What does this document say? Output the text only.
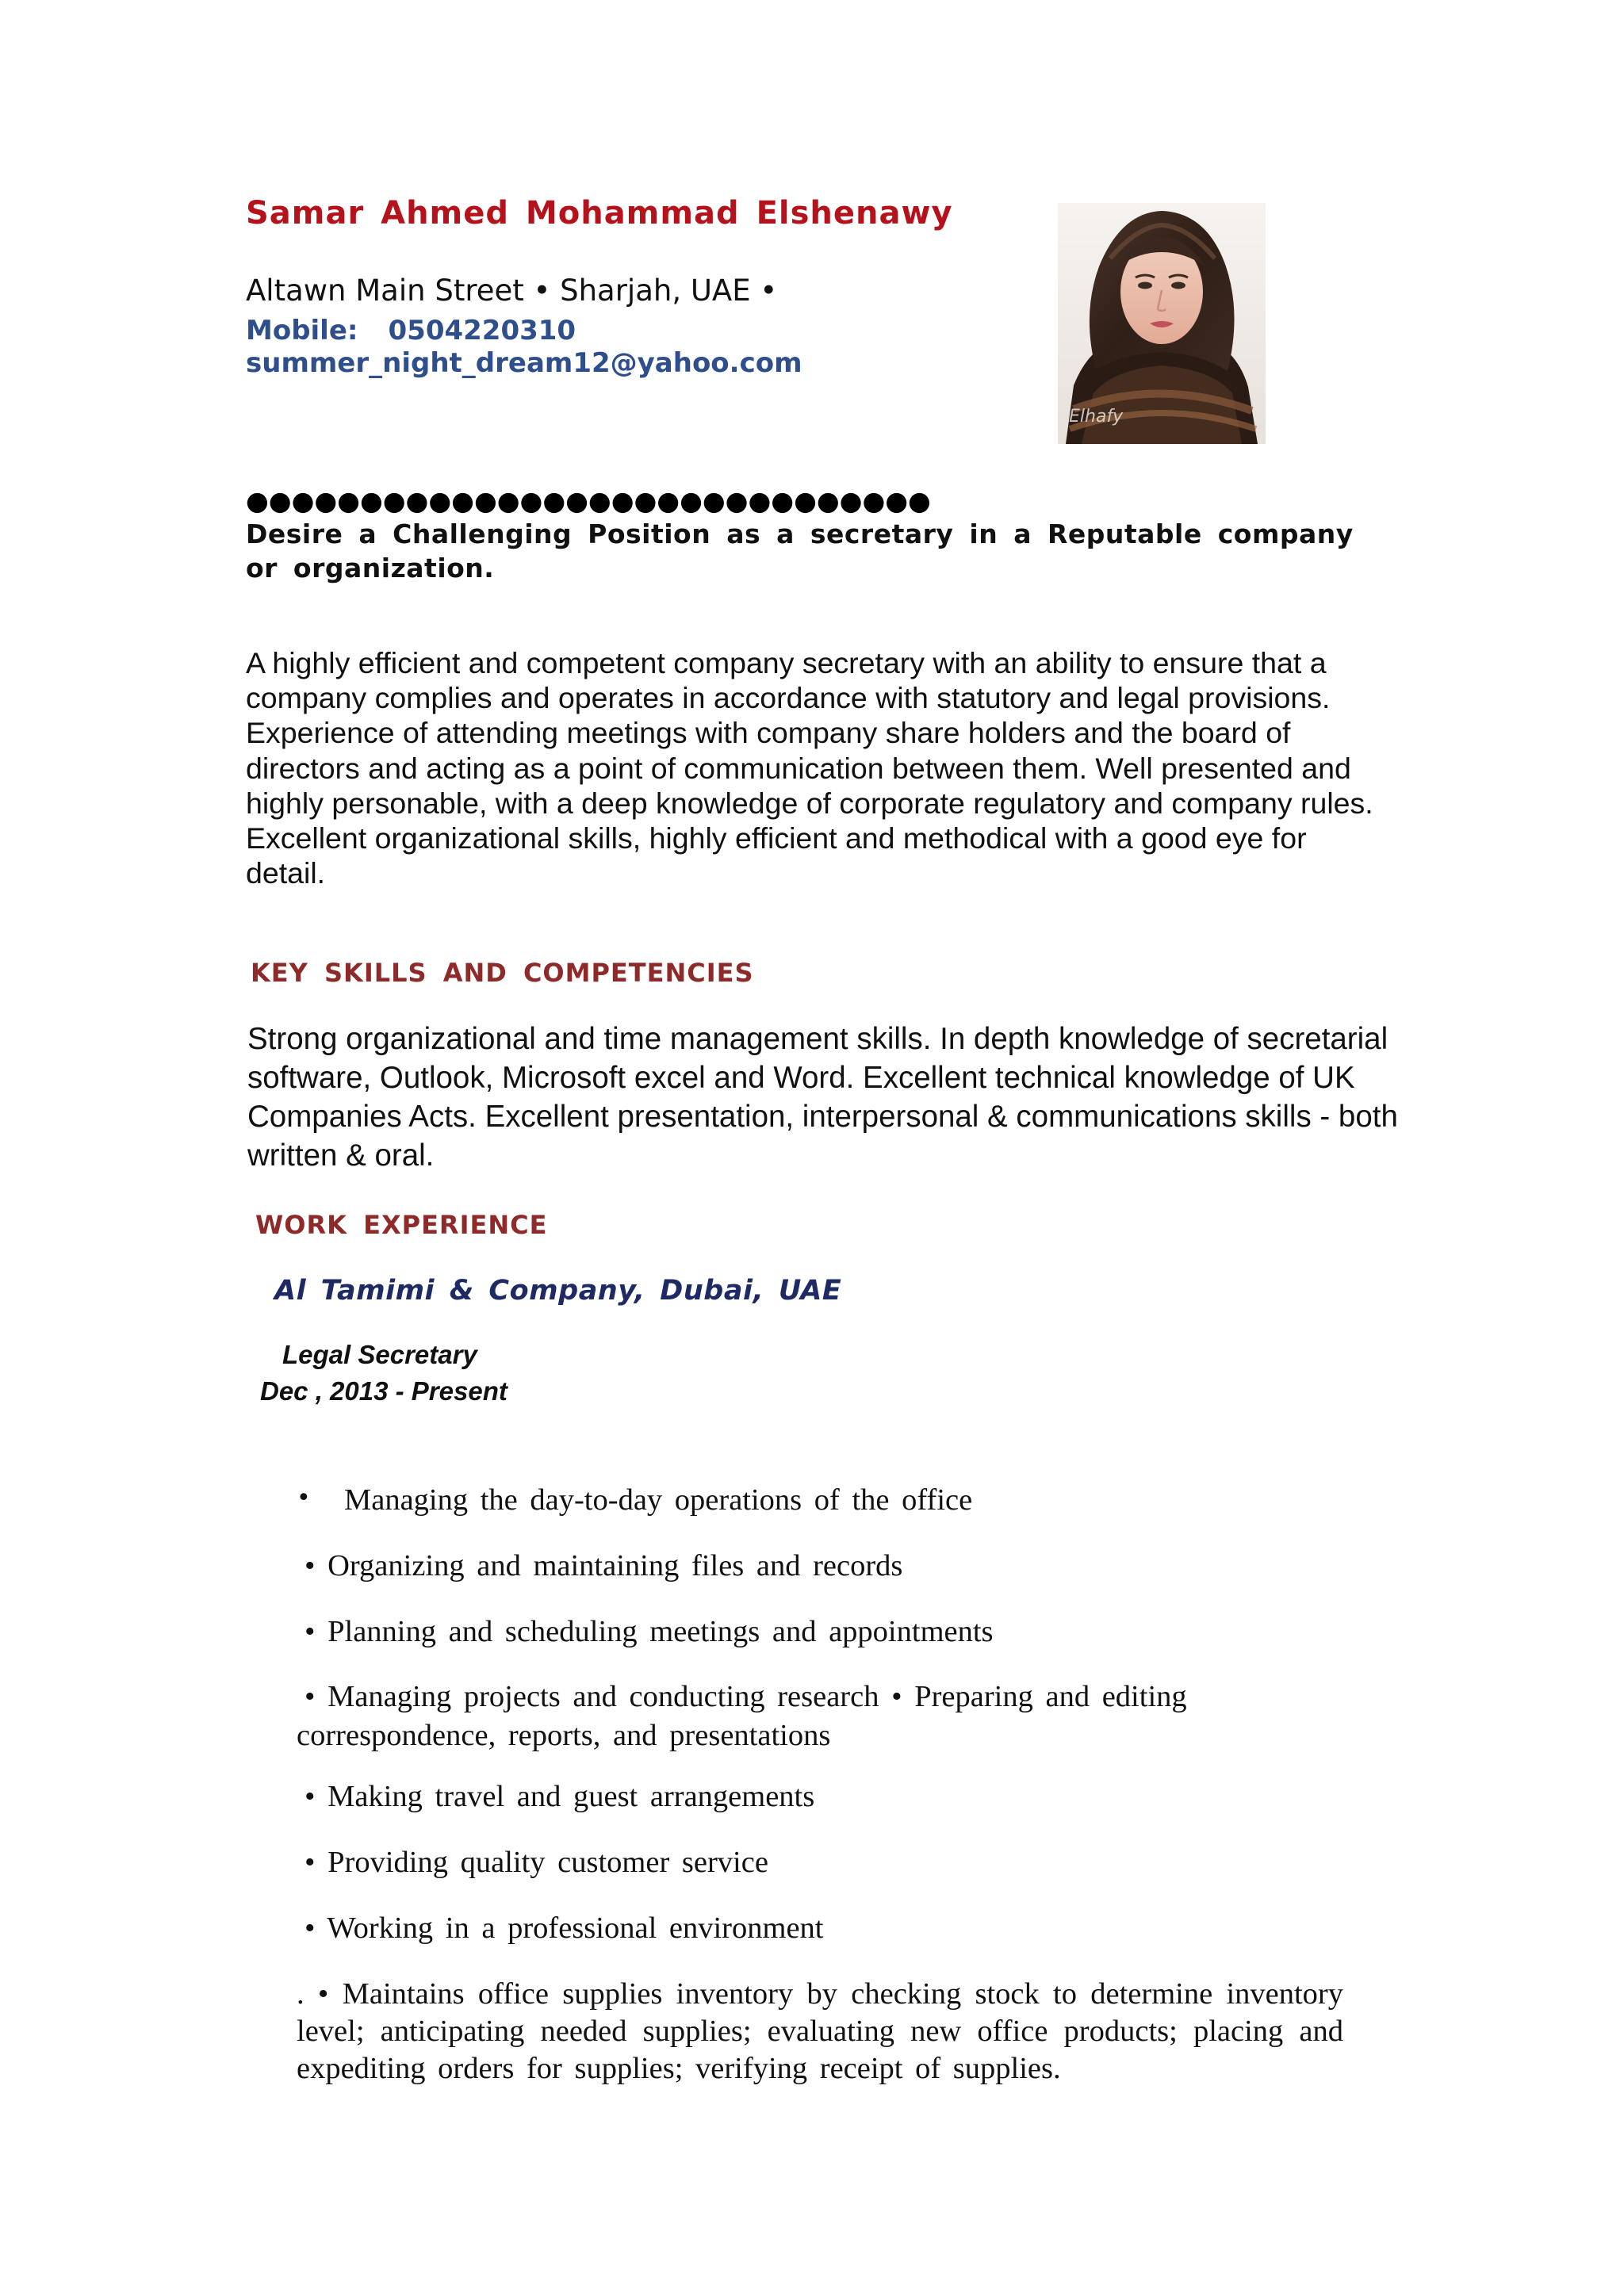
Samar Ahmed Mohammad Elshenawy
Altawn Main Street • Sharjah, UAE •
Mobile: 0504220310
summer_night_dream12@yahoo.com
Elhafy
●●●●●●●●●●●●●●●●●●●●●●●●●●●●●●
Desire a Challenging Position as a secretary in a Reputable company or organization.
A highly efficient and competent company secretary with an ability to ensure that a company complies and operates in accordance with statutory and legal provisions. Experience of attending meetings with company share holders and the board of directors and acting as a point of communication between them. Well presented and highly personable, with a deep knowledge of corporate regulatory and company rules. Excellent organizational skills, highly efficient and methodical with a good eye for detail.
KEY SKILLS AND COMPETENCIES
Strong organizational and time management skills. In depth knowledge of secretarial software, Outlook, Microsoft excel and Word. Excellent technical knowledge of UK Companies Acts. Excellent presentation, interpersonal & communications skills - both written & oral.
WORK EXPERIENCE
Al Tamimi & Company, Dubai, UAE
Legal Secretary
Dec , 2013 - Present
• Managing the day-to-day operations of the office
• Organizing and maintaining files and records
• Planning and scheduling meetings and appointments
• Managing projects and conducting research • Preparing and editing
correspondence, reports, and presentations
• Making travel and guest arrangements
• Providing quality customer service
• Working in a professional environment
. • Maintains office supplies inventory by checking stock to determine inventory level; anticipating needed supplies; evaluating new office products; placing and expediting orders for supplies; verifying receipt of supplies.
